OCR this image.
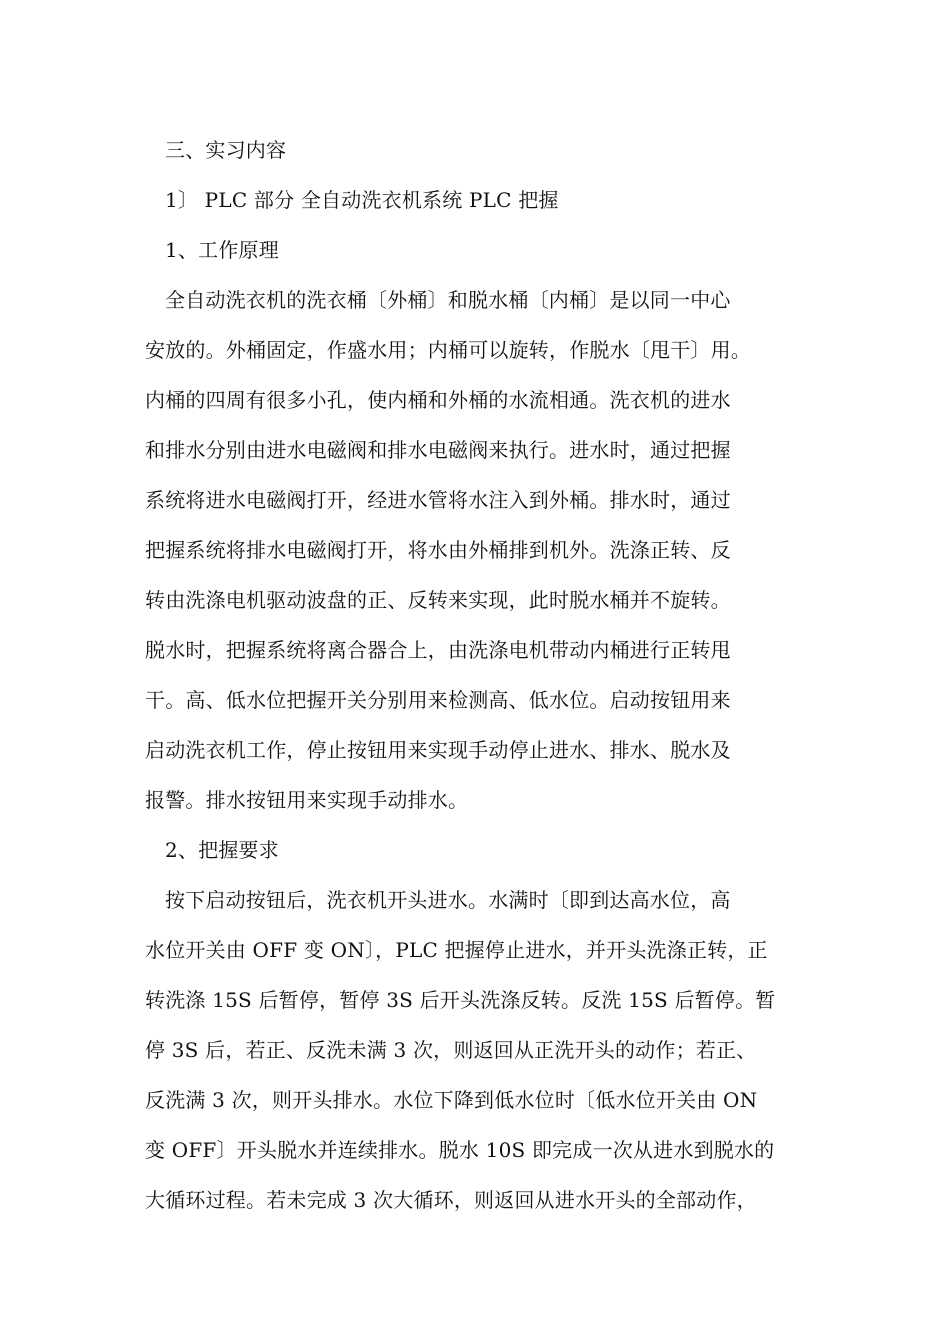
三、实习内容
1〕 PLC 部分 全自动洗衣机系统 PLC 把握
1、工作原理
全自动洗衣机的洗衣桶〔外桶〕和脱水桶〔内桶〕是以同一中心
安放的。外桶固定，作盛水用；内桶可以旋转，作脱水〔甩干〕用。
内桶的四周有很多小孔，使内桶和外桶的水流相通。洗衣机的进水
和排水分别由进水电磁阀和排水电磁阀来执行。进水时，通过把握
系统将进水电磁阀打开，经进水管将水注入到外桶。排水时，通过
把握系统将排水电磁阀打开，将水由外桶排到机外。洗涤正转、反
转由洗涤电机驱动波盘的正、反转来实现，此时脱水桶并不旋转。
脱水时，把握系统将离合器合上，由洗涤电机带动内桶进行正转甩
干。高、低水位把握开关分别用来检测高、低水位。启动按钮用来
启动洗衣机工作，停止按钮用来实现手动停止进水、排水、脱水及
报警。排水按钮用来实现手动排水。
2、把握要求
按下启动按钮后，洗衣机开头进水。水满时〔即到达高水位，高
水位开关由 OFF 变 ON〕，PLC 把握停止进水，并开头洗涤正转，正
转洗涤 15S 后暂停，暂停 3S 后开头洗涤反转。反洗 15S 后暂停。暂
停 3S 后，若正、反洗未满 3 次，则返回从正洗开头的动作；若正、
反洗满 3 次，则开头排水。水位下降到低水位时〔低水位开关由 ON
变 OFF〕开头脱水并连续排水。脱水 10S 即完成一次从进水到脱水的
大循环过程。若未完成 3 次大循环，则返回从进水开头的全部动作，
